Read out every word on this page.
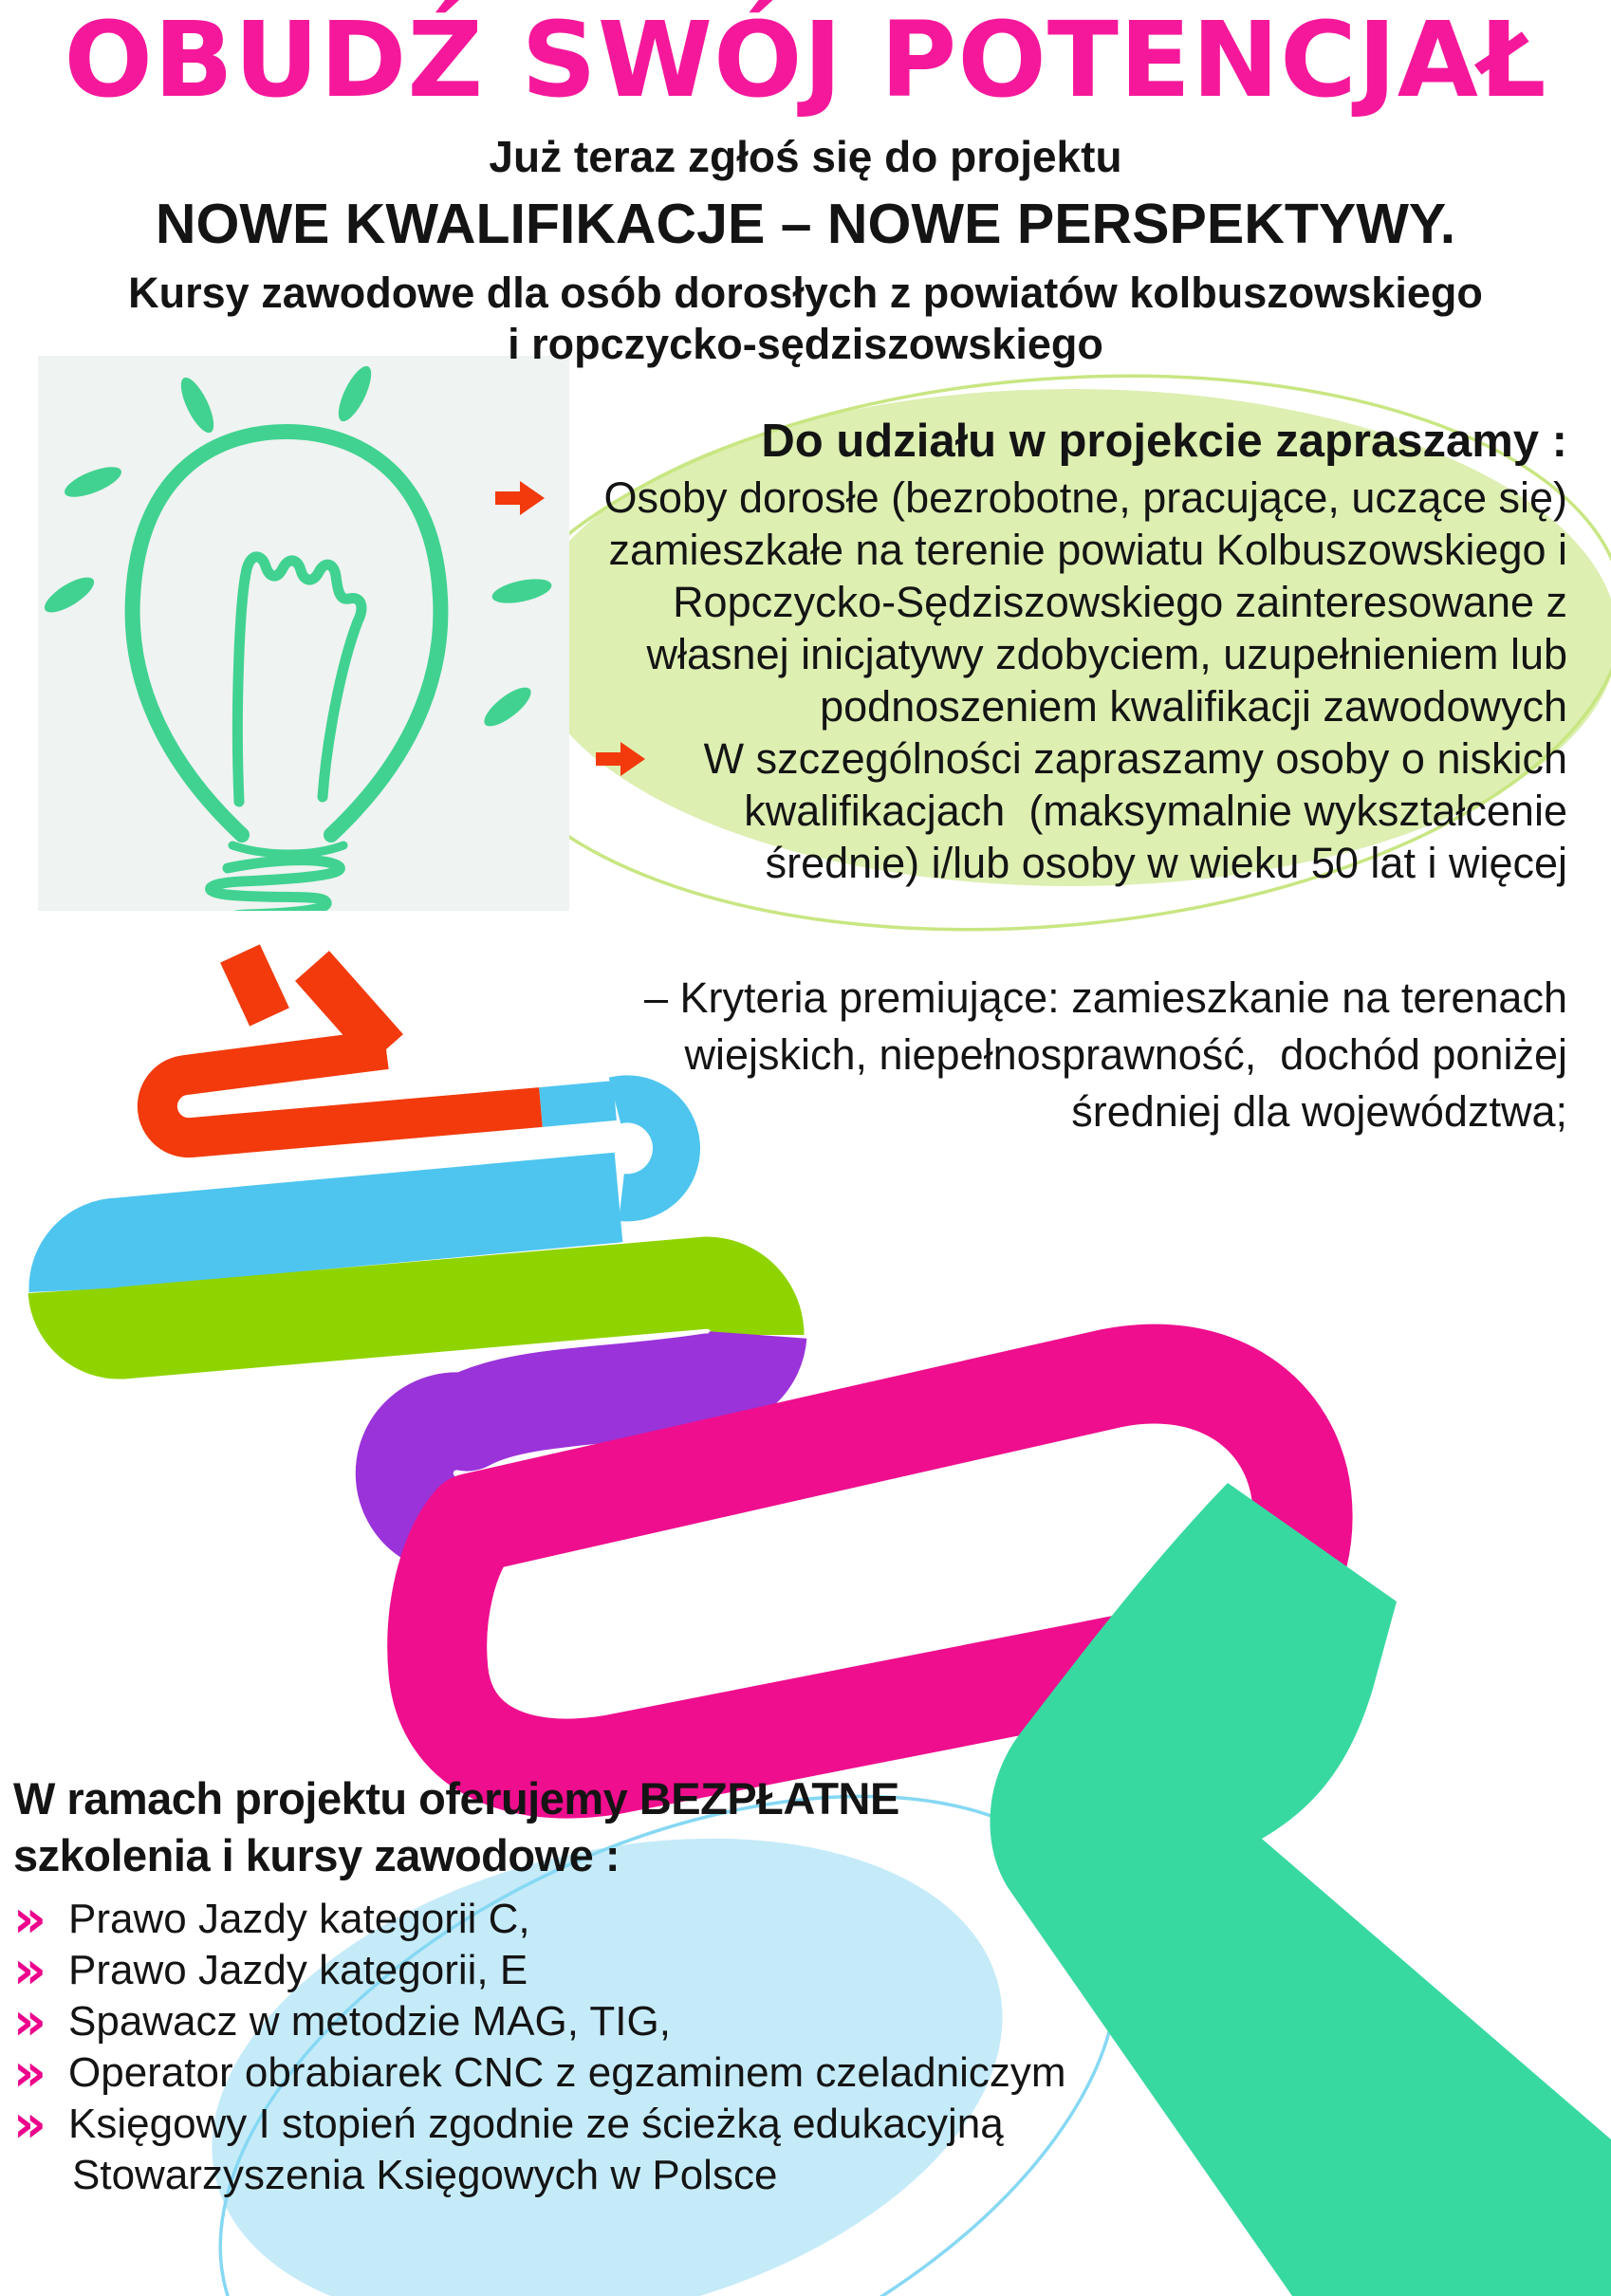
OBUDŹ SWÓJ POTENCJAŁ
Już teraz zgłoś się do projektu
NOWE KWALIFIKACJE – NOWE PERSPEKTYWY.
Kursy zawodowe dla osób dorosłych z powiatów kolbuszowskiego
i ropczycko-sędziszowskiego
Do udziału w projekcie zapraszamy :

Osoby dorosłe (bezrobotne, pracujące, uczące się)
zamieszkałe na terenie powiatu Kolbuszowskiego i
Ropczycko-Sędziszowskiego zainteresowane z
własnej inicjatywy zdobyciem, uzupełnieniem lub
podnoszeniem kwalifikacji zawodowych

W szczególności zapraszamy osoby o niskich
kwalifikacjach  (maksymalnie wykształcenie
średnie) i/lub osoby w wieku 50 lat i więcej
– Kryteria premiujące: zamieszkanie na terenach
wiejskich, niepełnosprawność,  dochód poniżej
średniej dla województwa;
W ramach projektu oferujemy BEZPŁATNE
szkolenia i kursy zawodowe :
» Prawo Jazdy kategorii C,
» Prawo Jazdy kategorii, E
» Spawacz w metodzie MAG, TIG,
» Operator obrabiarek CNC z egzaminem czeladniczym
» Księgowy I stopień zgodnie ze ścieżką edukacyjną
Stowarzyszenia Księgowych w Polsce
